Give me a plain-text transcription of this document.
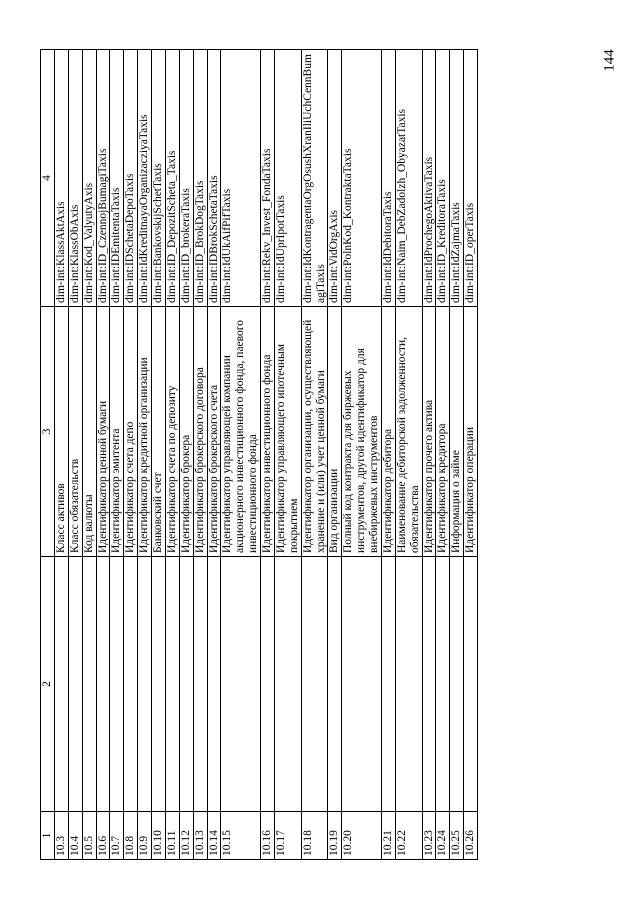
144
1	2	3	4
10.3		Класс активов	dim-int:KlassAktAxis
10.4		Класс обязательств	dim-int:KlassObAxis
10.5		Код валюты	dim-int:Kod_ValyutyAxis
10.6		Идентификатор ценной бумаги	dim-int:ID_CzennojBumagiTaxis
10.7		Идентификатор эмитента	dim-int:IDEmitentaTaxis
10.8		Идентификатор счета депо	dim-int:IDSchetaDepoTaxis
10.9		Идентификатор кредитной организации	dim-int:IdKreditnayaOrganizacziyaTaxis
10.10		Банковский счет	dim-int:BankovskijSchetTaxis
10.11		Идентификатор счета по депозиту	dim-int:ID_DepozitScheta_Taxis
10.12		Идентификатор брокера	dim-int:ID_brokeraTaxis
10.13		Идентификатор брокерского договора	dim-int:ID_BrokDogTaxis
10.14		Идентификатор брокерского счета	dim-int:IDBrokSchetaTaxis
10.15		Идентификатор управляющей компании акционерного инвестиционного фонда, паевого инвестиционного фонда	dim-int:IdUkAifPifTaxis
10.16		Идентификатор инвестиционного фонда	dim-int:Rekv_Invest_FondaTaxis
10.17		Идентификатор управляющего ипотечным покрытием	dim-int:IdUprIpotTaxis
10.18		Идентификатор организации, осуществляющей хранение и (или) учет ценной бумаги	dim-int:IdKontragentaOrgOsushXranIliUchCennBumagiTaxis
10.19		Вид организации	dim-int:VidOrgAxis
10.20		Полный код контракта для биржевых инструментов, другой идентификатор для внебиржевых инструментов	dim-int:PolnKod_KontraktaTaxis
10.21		Идентификатор дебитора	dim-int:IdDebitoraTaxis
10.22		Наименование дебиторской задолженности, обязательства	dim-int:Naim_DebZadolzh_ObyazatTaxis
10.23		Идентификатор прочего актива	dim-int:IdProchegoAktivaTaxis
10.24		Идентификатор кредитора	dim-int:ID_KreditoraTaxis
10.25		Информация о займе	dim-int:IdZajmaTaxis
10.26		Идентификатор операции	dim-int:ID_operTaxis
